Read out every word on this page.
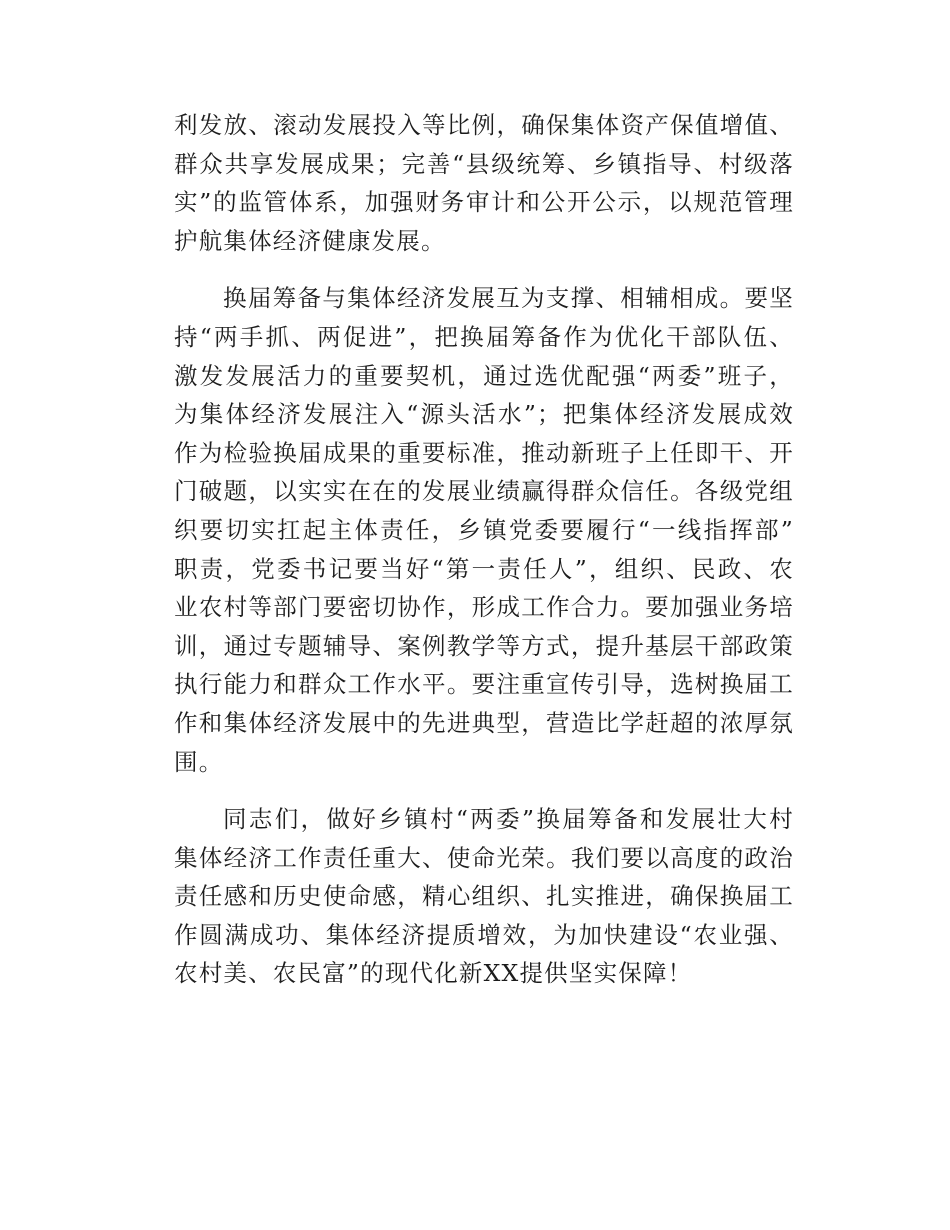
利发放、滚动发展投入等比例，确保集体资产保值增值、
群众共享发展成果；完善“县级统筹、乡镇指导、村级落
实”的监管体系，加强财务审计和公开公示，以规范管理
护航集体经济健康发展。
换届筹备与集体经济发展互为支撑、相辅相成。要坚
持“两手抓、两促进”，把换届筹备作为优化干部队伍、
激发发展活力的重要契机，通过选优配强“两委”班子，
为集体经济发展注入“源头活水”；把集体经济发展成效
作为检验换届成果的重要标准，推动新班子上任即干、开
门破题，以实实在在的发展业绩赢得群众信任。各级党组
织要切实扛起主体责任，乡镇党委要履行“一线指挥部”
职责，党委书记要当好“第一责任人”，组织、民政、农
业农村等部门要密切协作，形成工作合力。要加强业务培
训，通过专题辅导、案例教学等方式，提升基层干部政策
执行能力和群众工作水平。要注重宣传引导，选树换届工
作和集体经济发展中的先进典型，营造比学赶超的浓厚氛
围。
同志们，做好乡镇村“两委”换届筹备和发展壮大村
集体经济工作责任重大、使命光荣。我们要以高度的政治
责任感和历史使命感，精心组织、扎实推进，确保换届工
作圆满成功、集体经济提质增效，为加快建设“农业强、
农村美、农民富”的现代化新XX提供坚实保障！
